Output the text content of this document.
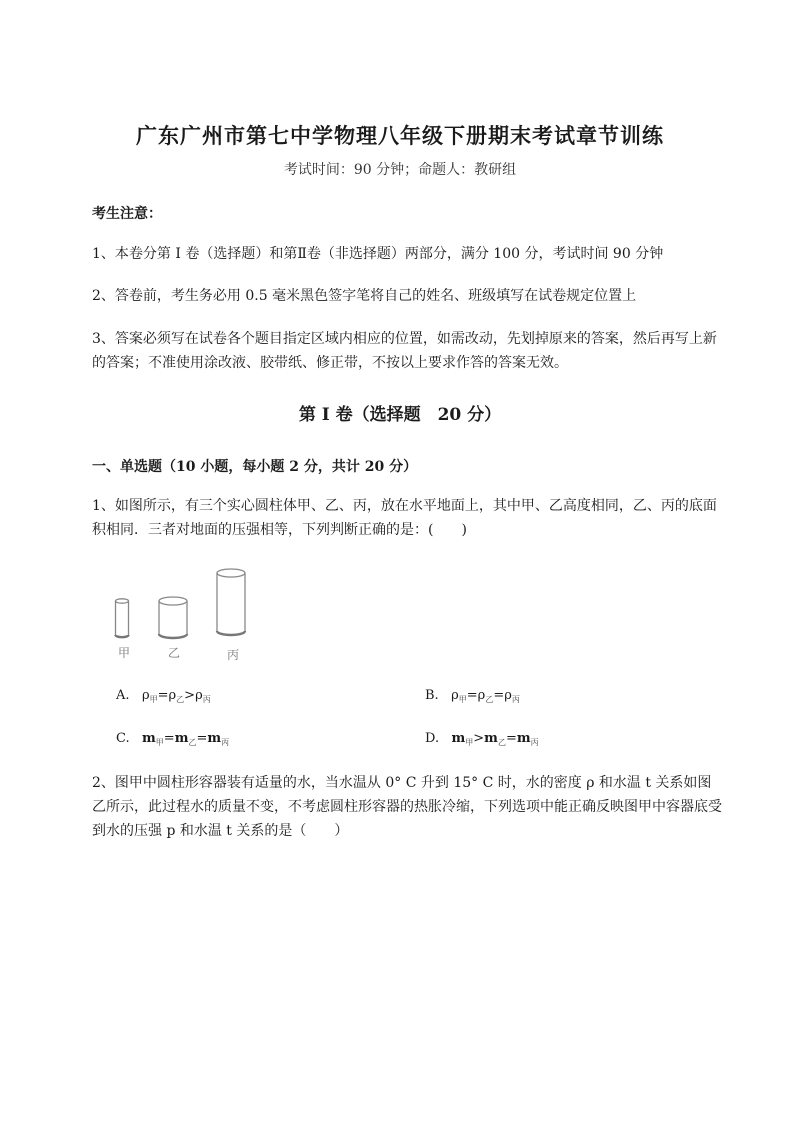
广东广州市第七中学物理八年级下册期末考试章节训练

考试时间：90 分钟；命题人：教研组

考生注意：

1、本卷分第 I 卷（选择题）和第Ⅱ卷（非选择题）两部分，满分 100 分，考试时间 90 分钟

2、答卷前，考生务必用 0.5 毫米黑色签字笔将自己的姓名、班级填写在试卷规定位置上

3、答案必须写在试卷各个题目指定区域内相应的位置，如需改动，先划掉原来的答案，然后再写上新的答案；不准使用涂改液、胶带纸、修正带，不按以上要求作答的答案无效。

第 I 卷（选择题　20 分）

一、单选题（10 小题，每小题 2 分，共计 20 分）

1、如图所示，有三个实心圆柱体甲、乙、丙，放在水平地面上，其中甲、乙高度相同，乙、丙的底面积相同．三者对地面的压强相等，下列判断正确的是：(　　)

甲	乙	丙
A. $\rho_甲=\rho_乙>\rho_丙$	B. $\rho_甲=\rho_乙=\rho_丙$
C. $m_甲=m_乙=m_丙$	D. $m_甲>m_乙=m_丙$

2、图甲中圆柱形容器装有适量的水，当水温从 0° C 升到 15° C 时，水的密度 ρ 和水温 t 关系如图乙所示，此过程水的质量不变，不考虑圆柱形容器的热胀冷缩，下列选项中能正确反映图甲中容器底受到水的压强 p 和水温 t 关系的是（　　）
